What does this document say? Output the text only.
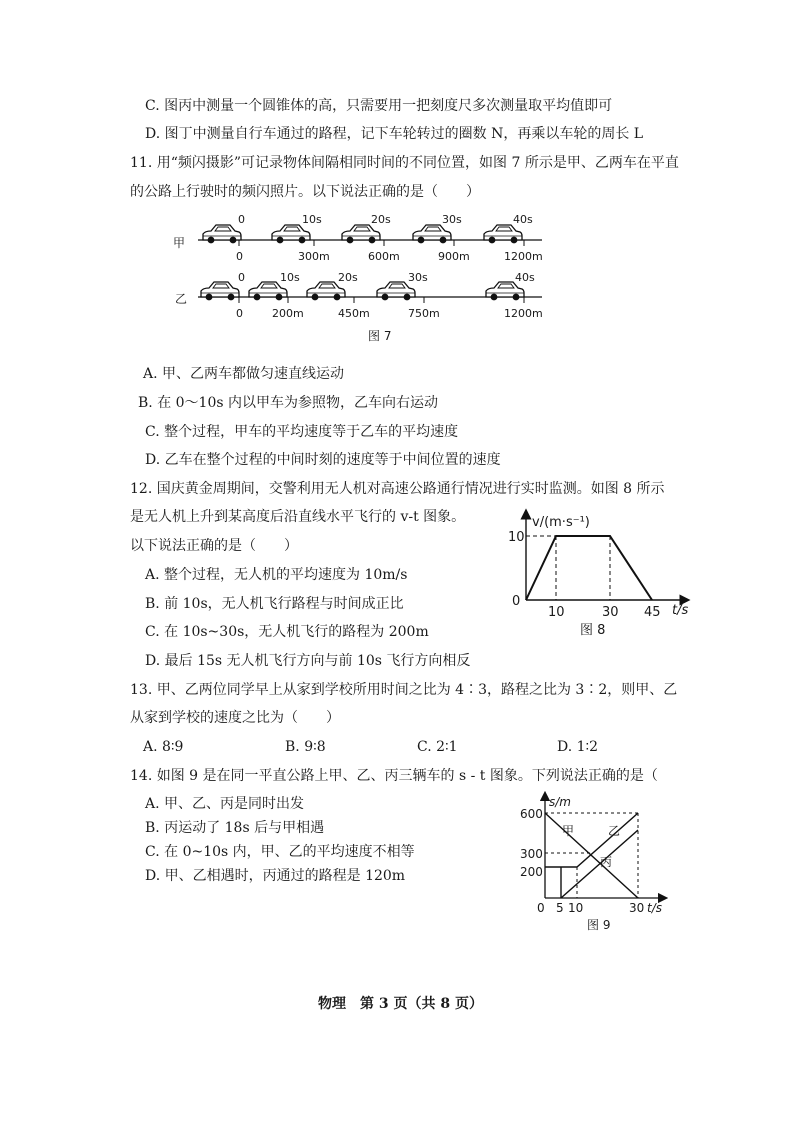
C. 图丙中测量一个圆锥体的高，只需要用一把刻度尺多次测量取平均值即可
D. 图丁中测量自行车通过的路程，记下车轮转过的圈数 N，再乘以车轮的周长 L
11. 用“频闪摄影”可记录物体间隔相同时间的不同位置，如图 7 所示是甲、乙两车在平直
的公路上行驶时的频闪照片。以下说法正确的是（　　）
甲
0	10s	20s	30s	40s
0	300m	600m	900m	1200m
乙
0	10s	20s	30s	40s
0	200m	450m	750m	1200m
图 7
A. 甲、乙两车都做匀速直线运动
B. 在 0～10s 内以甲车为参照物，乙车向右运动
C. 整个过程，甲车的平均速度等于乙车的平均速度
D. 乙车在整个过程的中间时刻的速度等于中间位置的速度
12. 国庆黄金周期间，交警利用无人机对高速公路通行情况进行实时监测。如图 8 所示
是无人机上升到某高度后沿直线水平飞行的 v-t 图象。
以下说法正确的是（　　）
A. 整个过程，无人机的平均速度为 10m/s
B. 前 10s，无人机飞行路程与时间成正比
C. 在 10s~30s，无人机飞行的路程为 200m
D. 最后 15s 无人机飞行方向与前 10s 飞行方向相反
v/(m·s⁻¹)
t/s
10
0
10	30 45
图 8
13. 甲、乙两位同学早上从家到学校所用时间之比为 4∶3，路程之比为 3∶2，则甲、乙
从家到学校的速度之比为（　　）
A. 8∶9	B. 9∶8	C. 2∶1	D. 1∶2
14. 如图 9 是在同一平直公路上甲、乙、丙三辆车的 s - t 图象。下列说法正确的是（
A. 甲、乙、丙是同时出发
B. 丙运动了 18s 后与甲相遇
C. 在 0~10s 内，甲、乙的平均速度不相等
D. 甲、乙相遇时，丙通过的路程是 120m
s/m
t/s
600
300
200
0 5 10	30
甲	乙
丙
图 9
物理　第 3 页（共 8 页）
